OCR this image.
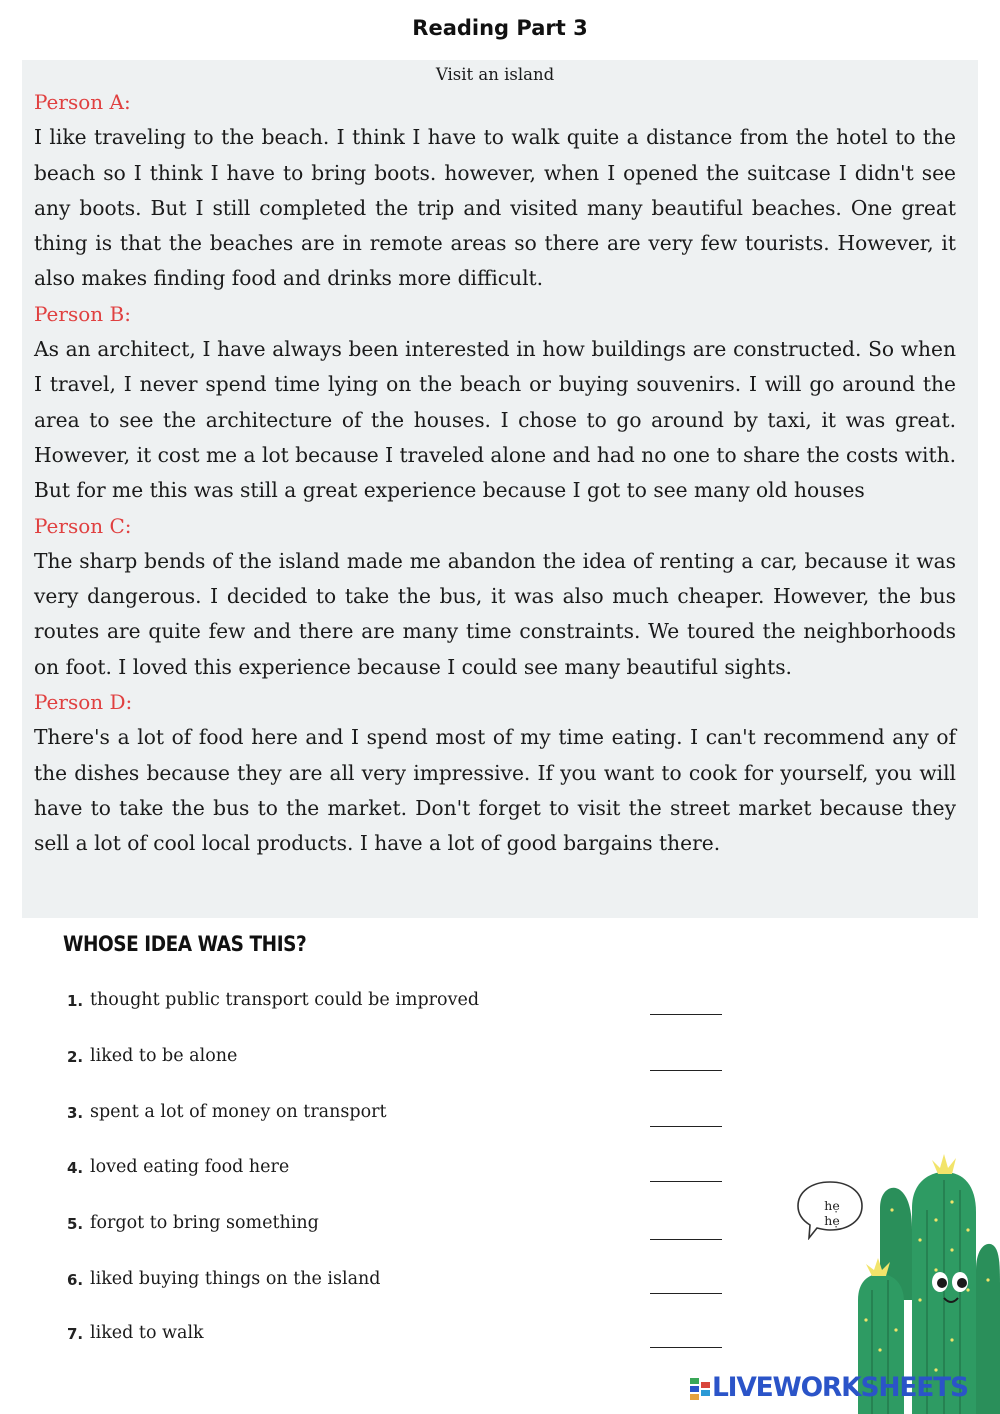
Reading Part 3
Visit an island

Person A:

I like traveling to the beach. I think I have to walk quite a distance from the hotel to the beach so I think I have to bring boots. however, when I opened the suitcase I didn't see any boots. But I still completed the trip and visited many beautiful beaches. One great thing is that the beaches are in remote areas so there are very few tourists. However, it also makes finding food and drinks more difficult.

Person B:

As an architect, I have always been interested in how buildings are constructed. So when I travel, I never spend time lying on the beach or buying souvenirs. I will go around the area to see the architecture of the houses. I chose to go around by taxi, it was great. However, it cost me a lot because I traveled alone and had no one to share the costs with. But for me this was still a great experience because I got to see many old houses

Person C:

The sharp bends of the island made me abandon the idea of renting a car, because it was very dangerous. I decided to take the bus, it was also much cheaper. However, the bus routes are quite few and there are many time constraints. We toured the neighborhoods on foot. I loved this experience because I could see many beautiful sights.

Person D:

There's a lot of food here and I spend most of my time eating. I can't recommend any of the dishes because they are all very impressive. If you want to cook for yourself, you will have to take the bus to the market. Don't forget to visit the street market because they sell a lot of cool local products. I have a lot of good bargains there.

WHOSE IDEA WAS THIS?
1. thought public transport could be improved
2. liked to be alone
3. spent a lot of money on transport
4. loved eating food here
5. forgot to bring something
6. liked buying things on the island
7. liked to walk
hẹ hẹ
LIVEWORKSHEETS
